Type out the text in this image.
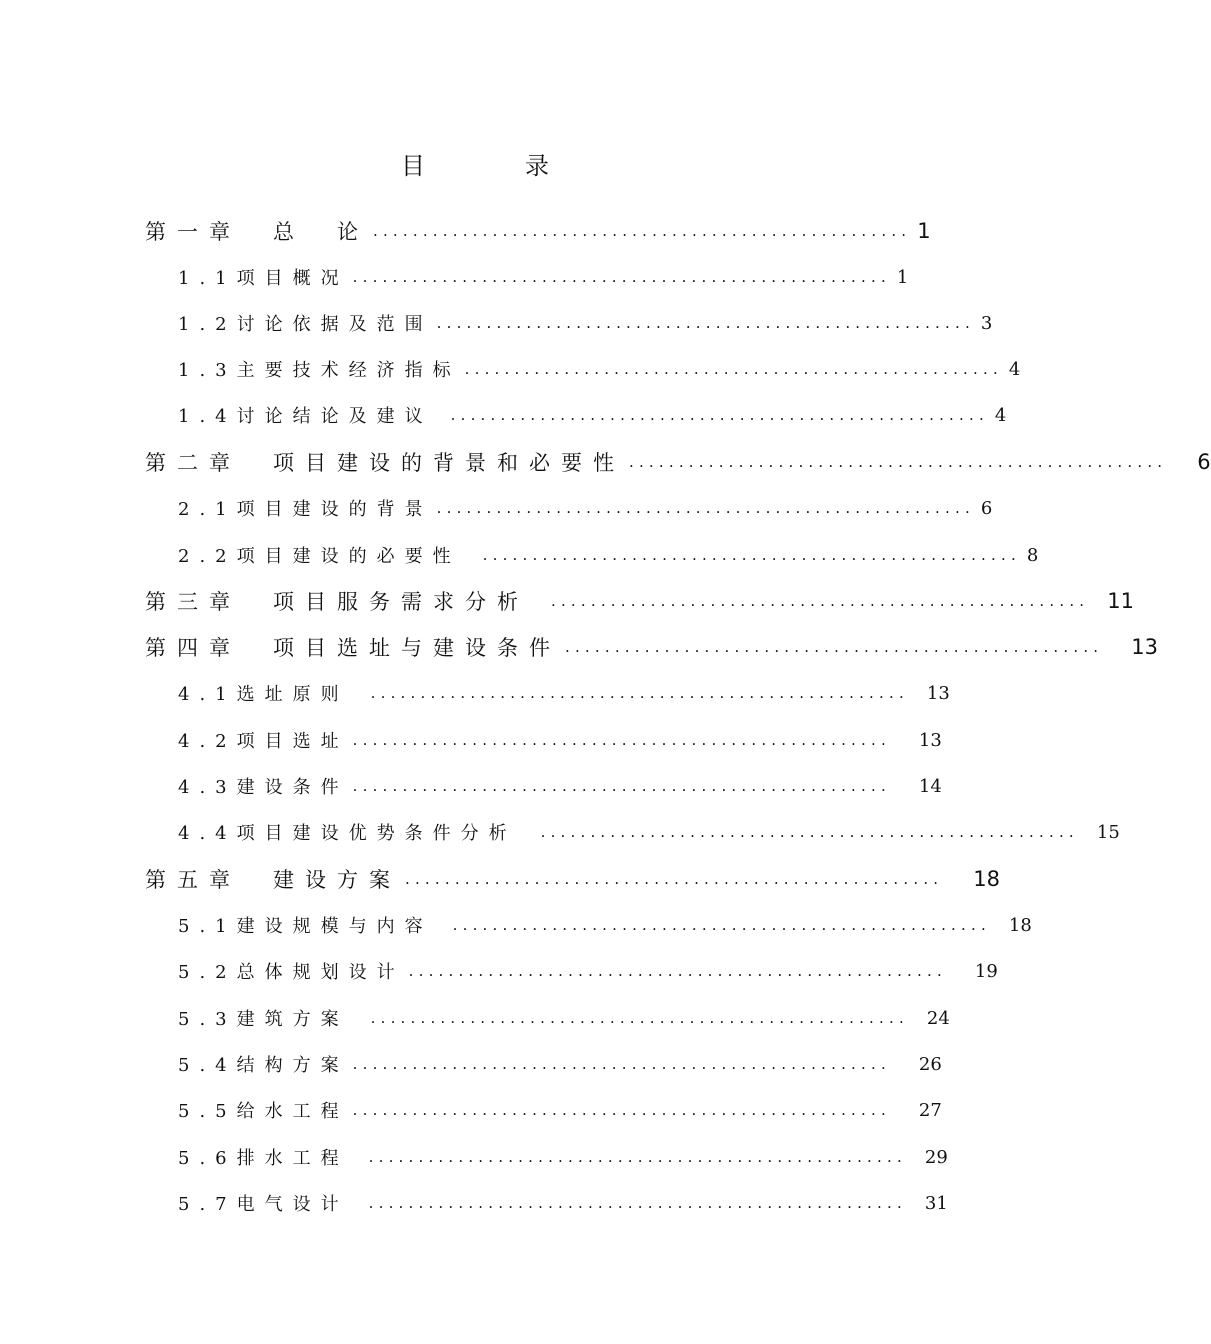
目　录
第一章　总　论 ...................................................... 1
1.1项目概况 ...................................................... 1
1.2讨论依据及范围 ...................................................... 3
1.3主要技术经济指标 ...................................................... 4
1.4讨论结论及建议 ...................................................... 4
第二章　项目建设的背景和必要性 ...................................................... 6
2.1项目建设的背景 ...................................................... 6
2.2项目建设的必要性 ...................................................... 8
第三章　项目服务需求分析 ...................................................... 11
第四章　项目选址与建设条件 ...................................................... 13
4.1选址原则 ...................................................... 13
4.2项目选址 ...................................................... 13
4.3建设条件 ...................................................... 14
4.4项目建设优势条件分析 ...................................................... 15
第五章　建设方案 ...................................................... 18
5.1建设规模与内容 ...................................................... 18
5.2总体规划设计 ...................................................... 19
5.3建筑方案 ...................................................... 24
5.4结构方案 ...................................................... 26
5.5给水工程 ...................................................... 27
5.6排水工程 ...................................................... 29
5.7电气设计 ...................................................... 31
